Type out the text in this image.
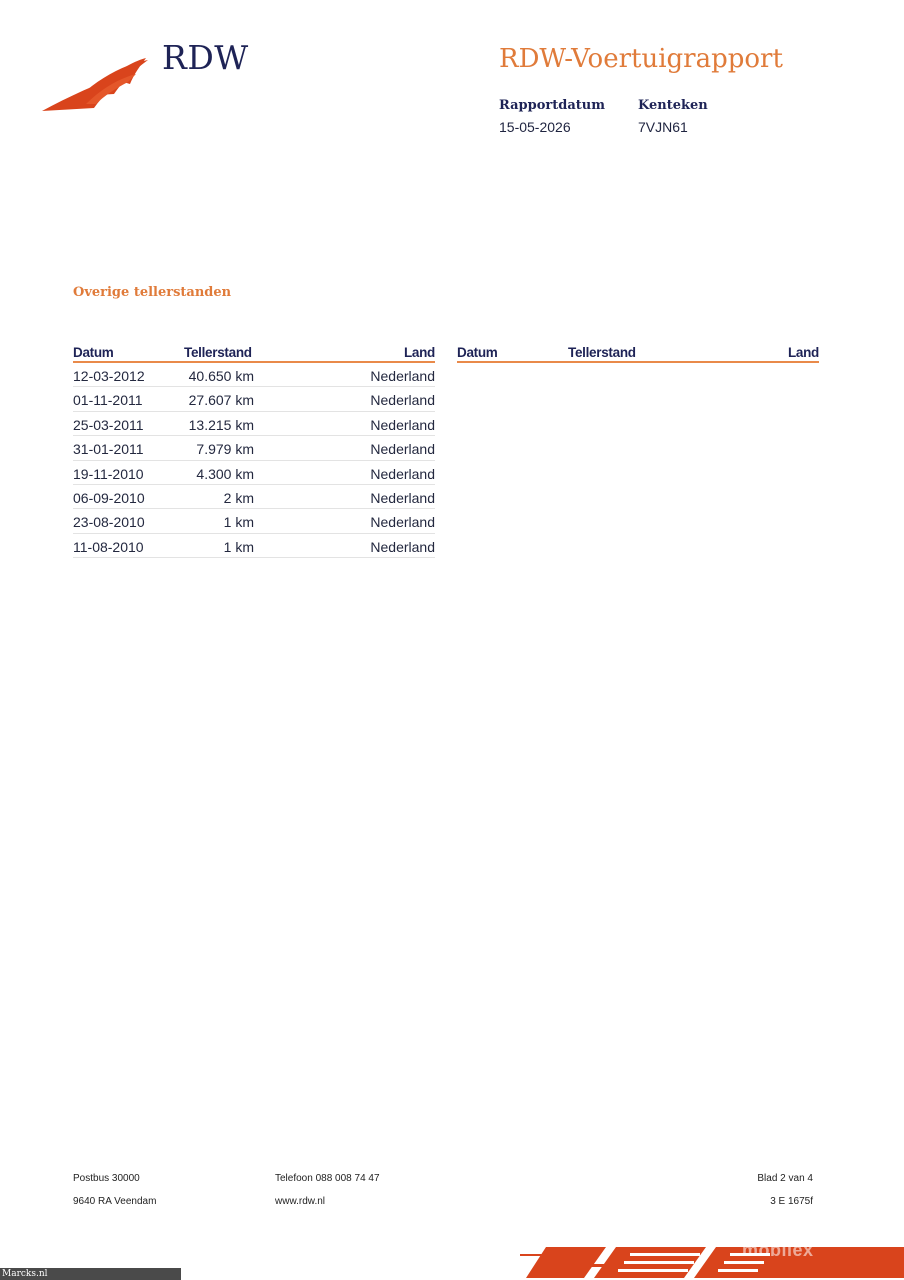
RDW	RDW-Voertuigrapport
Rapportdatum
15-05-2026
Kenteken
7VJN61
Overige tellerstanden
Datum	Tellerstand	Land
12-03-2012	40.650 km	Nederland
01-11-2011	27.607 km	Nederland
25-03-2011	13.215 km	Nederland
31-01-2011	7.979 km	Nederland
19-11-2010	4.300 km	Nederland
06-09-2010	2 km	Nederland
23-08-2010	1 km	Nederland
11-08-2010	1 km	Nederland
Datum	Tellerstand	Land
Postbus 30000
9640 RA Veendam
Telefoon 088 008 74 47
www.rdw.nl
Blad 2 van 4
3 E 1675f
mobilex
Marcks.nl
